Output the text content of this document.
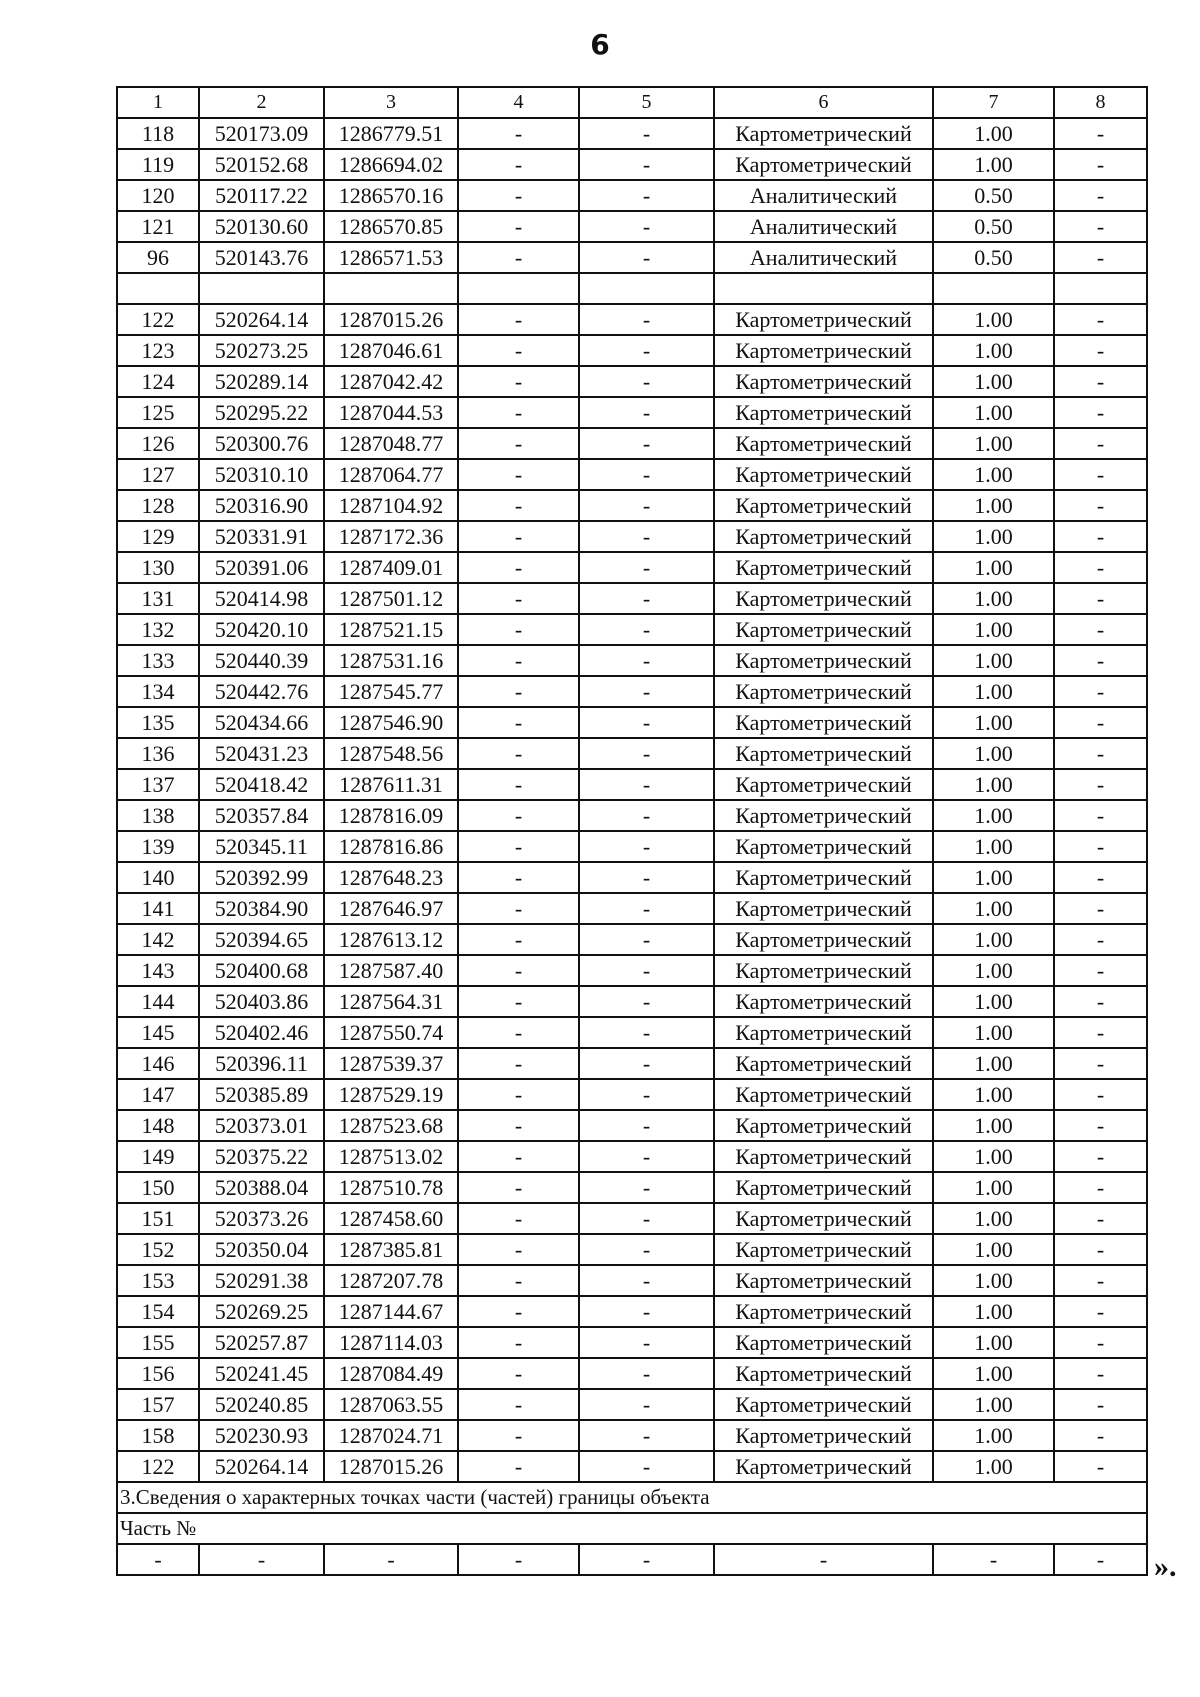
6
1	2	3	4	5	6	7	8
118	520173.09	1286779.51	-	-	Картометрический	1.00	-
119	520152.68	1286694.02	-	-	Картометрический	1.00	-
120	520117.22	1286570.16	-	-	Аналитический	0.50	-
121	520130.60	1286570.85	-	-	Аналитический	0.50	-
96	520143.76	1286571.53	-	-	Аналитический	0.50	-

122	520264.14	1287015.26	-	-	Картометрический	1.00	-
123	520273.25	1287046.61	-	-	Картометрический	1.00	-
124	520289.14	1287042.42	-	-	Картометрический	1.00	-
125	520295.22	1287044.53	-	-	Картометрический	1.00	-
126	520300.76	1287048.77	-	-	Картометрический	1.00	-
127	520310.10	1287064.77	-	-	Картометрический	1.00	-
128	520316.90	1287104.92	-	-	Картометрический	1.00	-
129	520331.91	1287172.36	-	-	Картометрический	1.00	-
130	520391.06	1287409.01	-	-	Картометрический	1.00	-
131	520414.98	1287501.12	-	-	Картометрический	1.00	-
132	520420.10	1287521.15	-	-	Картометрический	1.00	-
133	520440.39	1287531.16	-	-	Картометрический	1.00	-
134	520442.76	1287545.77	-	-	Картометрический	1.00	-
135	520434.66	1287546.90	-	-	Картометрический	1.00	-
136	520431.23	1287548.56	-	-	Картометрический	1.00	-
137	520418.42	1287611.31	-	-	Картометрический	1.00	-
138	520357.84	1287816.09	-	-	Картометрический	1.00	-
139	520345.11	1287816.86	-	-	Картометрический	1.00	-
140	520392.99	1287648.23	-	-	Картометрический	1.00	-
141	520384.90	1287646.97	-	-	Картометрический	1.00	-
142	520394.65	1287613.12	-	-	Картометрический	1.00	-
143	520400.68	1287587.40	-	-	Картометрический	1.00	-
144	520403.86	1287564.31	-	-	Картометрический	1.00	-
145	520402.46	1287550.74	-	-	Картометрический	1.00	-
146	520396.11	1287539.37	-	-	Картометрический	1.00	-
147	520385.89	1287529.19	-	-	Картометрический	1.00	-
148	520373.01	1287523.68	-	-	Картометрический	1.00	-
149	520375.22	1287513.02	-	-	Картометрический	1.00	-
150	520388.04	1287510.78	-	-	Картометрический	1.00	-
151	520373.26	1287458.60	-	-	Картометрический	1.00	-
152	520350.04	1287385.81	-	-	Картометрический	1.00	-
153	520291.38	1287207.78	-	-	Картометрический	1.00	-
154	520269.25	1287144.67	-	-	Картометрический	1.00	-
155	520257.87	1287114.03	-	-	Картометрический	1.00	-
156	520241.45	1287084.49	-	-	Картометрический	1.00	-
157	520240.85	1287063.55	-	-	Картометрический	1.00	-
158	520230.93	1287024.71	-	-	Картометрический	1.00	-
122	520264.14	1287015.26	-	-	Картометрический	1.00	-
3.Сведения о характерных точках части (частей) границы объекта							
Часть №							
-	-	-	-	-	-	-	- ».
